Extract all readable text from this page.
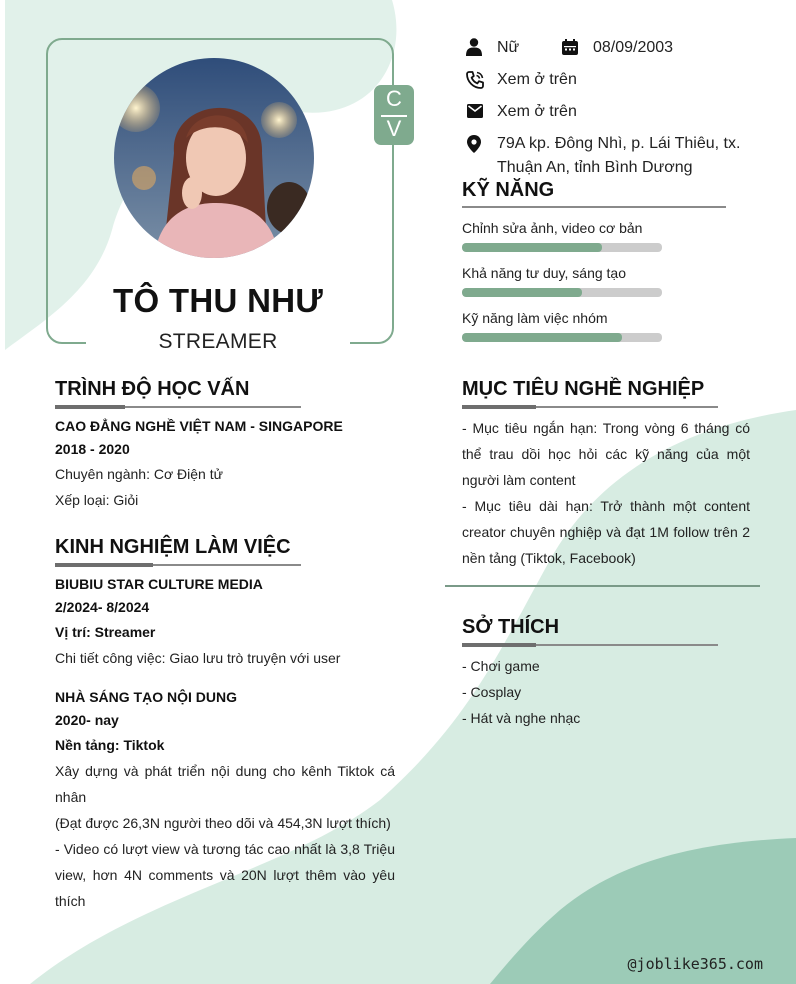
TÔ THU NHƯ
STREAMER
C
V
Nữ	08/09/2003
Xem ở trên
Xem ở trên
79A kp. Đông Nhì, p. Lái Thiêu, tx. Thuận An, tỉnh Bình Dương
KỸ NĂNG
Chỉnh sửa ảnh, video cơ bản
Khả năng tư duy, sáng tạo
Kỹ năng làm việc nhóm
TRÌNH ĐỘ HỌC VẤN
CAO ĐẲNG NGHỀ VIỆT NAM - SINGAPORE
2018 - 2020
Chuyên ngành: Cơ Điện tử
Xếp loại: Giỏi
KINH NGHIỆM LÀM VIỆC
BIUBIU STAR CULTURE MEDIA
2/2024- 8/2024
Vị trí: Streamer
Chi tiết công việc: Giao lưu trò truyện với user
NHÀ SÁNG TẠO NỘI DUNG
2020- nay
Nền tảng: Tiktok
Xây dựng và phát triển nội dung cho kênh Tiktok cá nhân
(Đạt được 26,3N người theo dõi và 454,3N lượt thích)
- Video có lượt view và tương tác cao nhất là 3,8 Triệu view, hơn 4N comments và 20N lượt thêm vào yêu thích
MỤC TIÊU NGHỀ NGHIỆP
- Mục tiêu ngắn hạn: Trong vòng 6 tháng có thể trau dồi học hỏi các kỹ năng của một người làm content
- Mục tiêu dài hạn: Trở thành một content creator chuyên nghiệp và đạt 1M follow trên 2 nền tảng (Tiktok, Facebook)
SỞ THÍCH
- Chơi game
- Cosplay
- Hát và nghe nhạc
@joblike365.com
